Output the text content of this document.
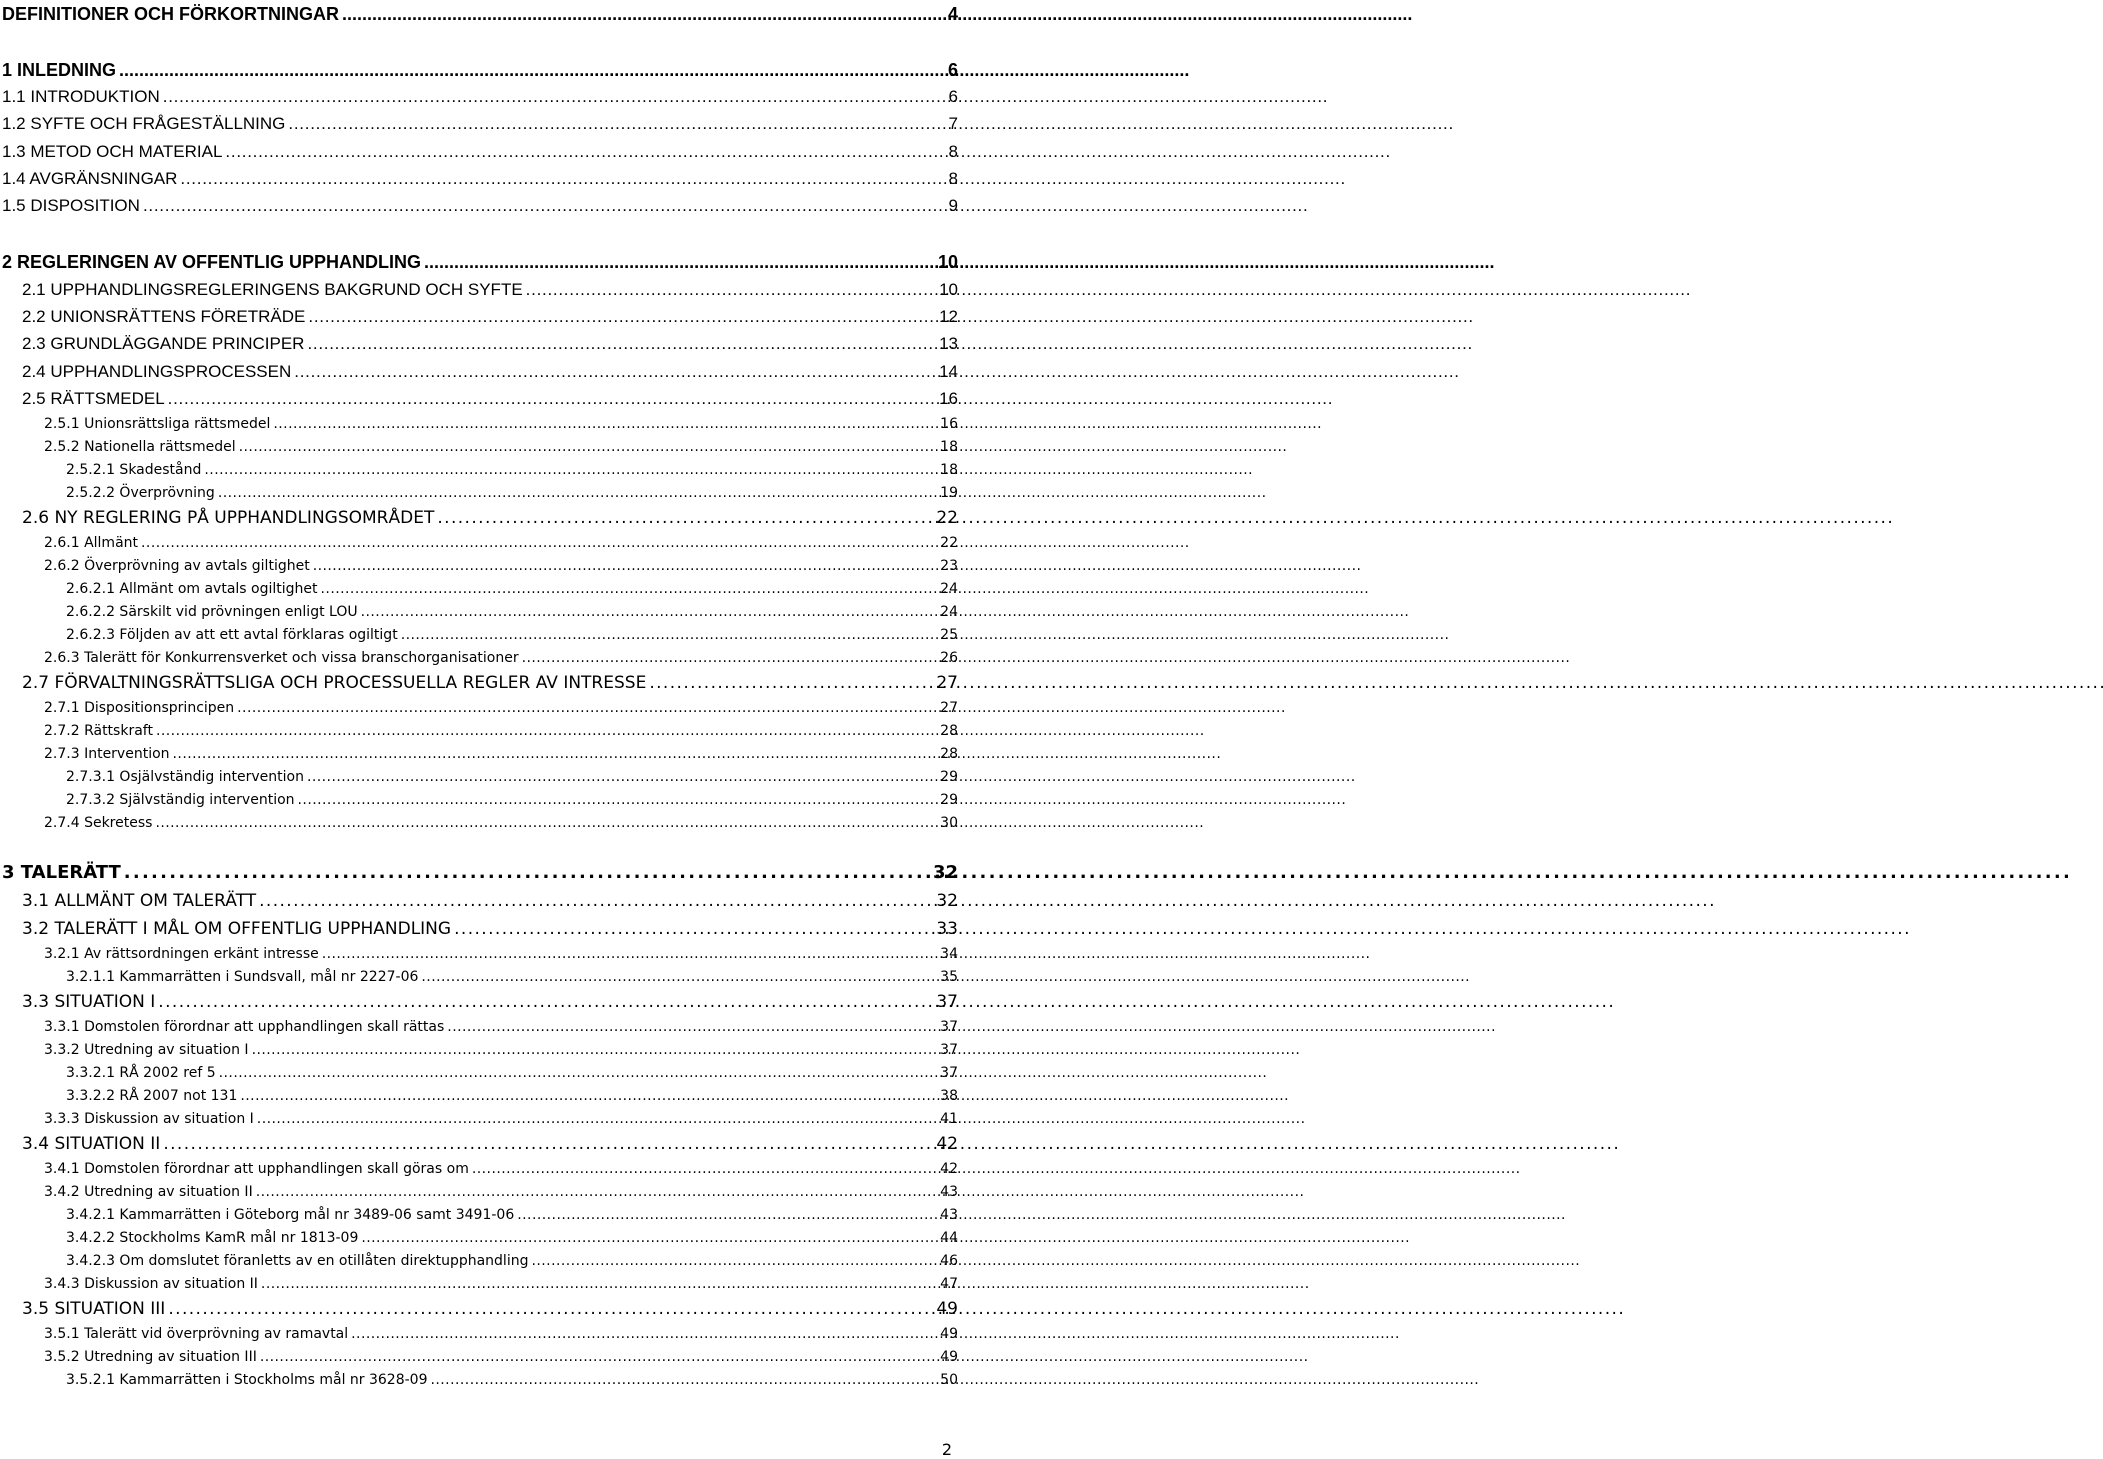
DEFINITIONER OCH FÖRKORTNINGAR . . .	4
1 INLEDNING . . .	6
1.1 INTRODUKTION . . .	6
1.2 SYFTE OCH FRÅGESTÄLLNING . . .	7
1.3 METOD OCH MATERIAL . . .	8
1.4 AVGRÄNSNINGAR . . .	8
1.5 DISPOSITION . . .	9
2 REGLERINGEN AV OFFENTLIG UPPHANDLING . . .	10
2.1 UPPHANDLINGSREGLERINGENS BAKGRUND OCH SYFTE . . .	10
2.2 UNIONSRÄTTENS FÖRETRÄDE . . .	12
2.3 GRUNDLÄGGANDE PRINCIPER . . .	13
2.4 UPPHANDLINGSPROCESSEN . . .	14
2.5 RÄTTSMEDEL . . .	16
2.5.1 Unionsrättsliga rättsmedel . . .	16
2.5.2 Nationella rättsmedel . . .	18
2.5.2.1 Skadestånd . . .	18
2.5.2.2 Överprövning . . .	19
2.6 NY REGLERING PÅ UPPHANDLINGSOMRÅDET . . .	22
2.6.1 Allmänt . . .	22
2.6.2 Överprövning av avtals giltighet . . .	23
2.6.2.1 Allmänt om avtals ogiltighet . . .	24
2.6.2.2 Särskilt vid prövningen enligt LOU . . .	24
2.6.2.3 Följden av att ett avtal förklaras ogiltigt . . .	25
2.6.3 Talerätt för Konkurrensverket och vissa branschorganisationer . . .	26
2.7 FÖRVALTNINGSRÄTTSLIGA OCH PROCESSUELLA REGLER AV INTRESSE . . .	27
2.7.1 Dispositionsprincipen . . .	27
2.7.2 Rättskraft . . .	28
2.7.3 Intervention . . .	28
2.7.3.1 Osjälvständig intervention . . .	29
2.7.3.2 Självständig intervention . . .	29
2.7.4 Sekretess . . .	30
3 TALERÄTT . . .	32
3.1 ALLMÄNT OM TALERÄTT . . .	32
3.2 TALERÄTT I MÅL OM OFFENTLIG UPPHANDLING . . .	33
3.2.1 Av rättsordningen erkänt intresse . . .	34
3.2.1.1 Kammarrätten i Sundsvall, mål nr 2227-06 . . .	35
3.3 SITUATION I . . .	37
3.3.1 Domstolen förordnar att upphandlingen skall rättas . . .	37
3.3.2 Utredning av situation I . . .	37
3.3.2.1 RÅ 2002 ref 5 . . .	37
3.3.2.2 RÅ 2007 not 131 . . .	38
3.3.3 Diskussion av situation I . . .	41
3.4 SITUATION II . . .	42
3.4.1 Domstolen förordnar att upphandlingen skall göras om . . .	42
3.4.2 Utredning av situation II . . .	43
3.4.2.1 Kammarrätten i Göteborg mål nr 3489-06 samt 3491-06 . . .	43
3.4.2.2 Stockholms KamR mål nr 1813-09 . . .	44
3.4.2.3 Om domslutet föranletts av en otillåten direktupphandling . . .	46
3.4.3 Diskussion av situation II . . .	47
3.5 SITUATION III . . .	49
3.5.1 Talerätt vid överprövning av ramavtal . . .	49
3.5.2 Utredning av situation III . . .	49
3.5.2.1 Kammarrätten i Stockholms mål nr 3628-09 . . .	50
2
